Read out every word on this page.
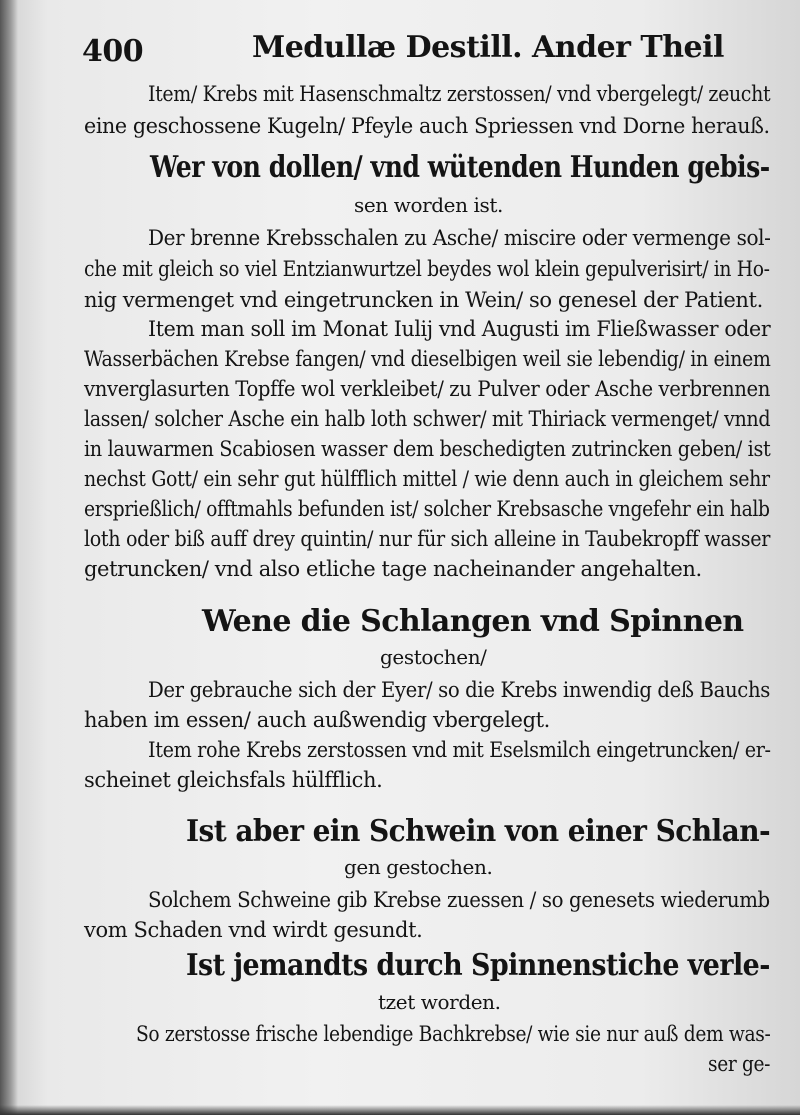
400	Medullæ Destill. Ander Theil
Item/ Krebs mit Hasenschmaltz zerstossen/ vnd vbergelegt/ zeucht
eine geschossene Kugeln/ Pfeyle auch Spriessen vnd Dorne herauß.
Wer von dollen/ vnd wütenden Hunden gebis-
sen worden ist.
Der brenne Krebsschalen zu Asche/ miscire oder vermenge sol-
che mit gleich so viel Entzianwurtzel beydes wol klein gepulverisirt/ in Ho-
nig vermenget vnd eingetruncken in Wein/ so genesel der Patient.
Item man soll im Monat Iulij vnd Augusti im Fließwasser oder
Wasserbächen Krebse fangen/ vnd dieselbigen weil sie lebendig/ in einem
vnverglasurten Topffe wol verkleibet/ zu Pulver oder Asche verbrennen
lassen/ solcher Asche ein halb loth schwer/ mit Thiriack vermenget/ vnnd
in lauwarmen Scabiosen wasser dem beschedigten zutrincken geben/ ist
nechst Gott/ ein sehr gut hülfflich mittel / wie denn auch in gleichem sehr
ersprießlich/ offtmahls befunden ist/ solcher Krebsasche vngefehr ein halb
loth oder biß auff drey quintin/ nur für sich alleine in Taubekropff wasser
getruncken/ vnd also etliche tage nacheinander angehalten.
Wene die Schlangen vnd Spinnen
gestochen/
Der gebrauche sich der Eyer/ so die Krebs inwendig deß Bauchs
haben im essen/ auch außwendig vbergelegt.
Item rohe Krebs zerstossen vnd mit Eselsmilch eingetruncken/ er-
scheinet gleichsfals hülfflich.
Ist aber ein Schwein von einer Schlan-
gen gestochen.
Solchem Schweine gib Krebse zuessen / so genesets wiederumb
vom Schaden vnd wirdt gesundt.
Ist jemandts durch Spinnenstiche verle-
tzet worden.
So zerstosse frische lebendige Bachkrebse/ wie sie nur auß dem was-
ser ge-
